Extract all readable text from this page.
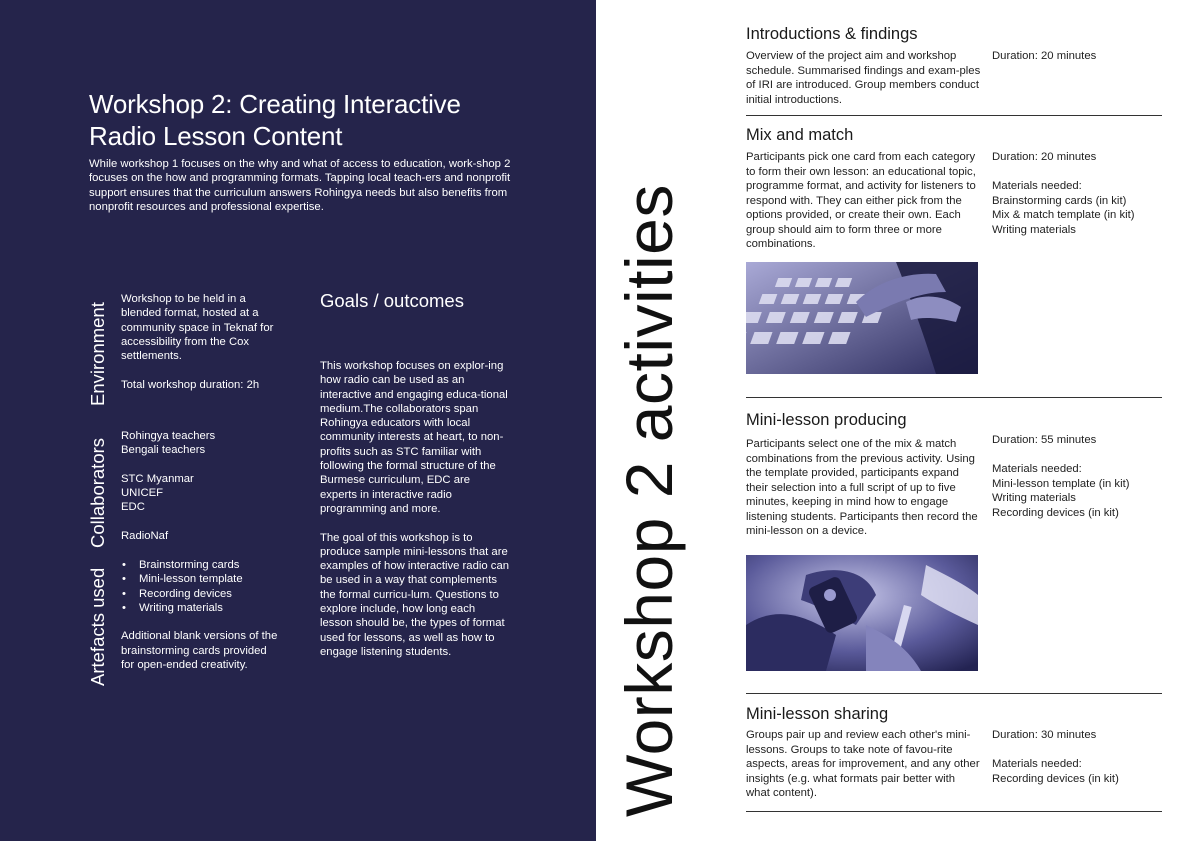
Workshop 2: Creating Interactive
Radio Lesson Content

While workshop 1 focuses on the why and what of access to education, work-shop 2 focuses on the how and programming formats. Tapping local teach-ers and nonprofit support ensures that the curriculum answers Rohingya needs but also benefits from nonprofit resources and professional expertise.

Environment
Collaborators
Artefacts used

Workshop to be held in a blended format, hosted at a community space in Teknaf for accessibility from the Cox settlements.

Total workshop duration: 2h

Rohingya teachers

Bengali teachers

STC Myanmar

UNICEF

EDC

RadioNaf

• Brainstorming cards
• Mini-lesson template
• Recording devices
• Writing materials

Additional blank versions of the brainstorming cards provided for open-ended creativity.

Goals / outcomes

This workshop focuses on explor-ing how radio can be used as an interactive and engaging educa-tional medium.The collaborators span Rohingya educators with local community interests at heart, to non-profits such as STC familiar with following the formal structure of the Burmese curriculum, EDC are experts in interactive radio programming and more.

The goal of this workshop is to produce sample mini-lessons that are examples of how interactive radio can be used in a way that complements the formal curricu-lum. Questions to explore include, how long each lesson should be, the types of format used for lessons, as well as how to engage listening students.	Workshop 2 activities
Introductions & findings

Overview of the project aim and workshop schedule. Summarised findings and exam-ples of IRI are introduced. Group members conduct initial introductions.

Duration: 20 minutes

Mix and match

Participants pick one card from each category to form their own lesson: an educational topic, programme format, and activity for listeners to respond with. They can either pick from the options provided, or create their own. Each group should aim to form three or more combinations.

Duration: 20 minutes

Materials needed:

Brainstorming cards (in kit)

Mix & match template (in kit)

Writing materials

Mini-lesson producing

Participants select one of the mix & match combinations from the previous activity. Using the template provided, participants expand their selection into a full script of up to five minutes, keeping in mind how to engage listening students. Participants then record the mini-lesson on a device.

Duration: 55 minutes

Materials needed:

Mini-lesson template (in kit)

Writing materials

Recording devices (in kit)

Mini-lesson sharing

Groups pair up and review each other's mini-lessons. Groups to take note of favou-rite aspects, areas for improvement, and any other insights (e.g. what formats pair better with what content).

Duration: 30 minutes

Materials needed:

Recording devices (in kit)
